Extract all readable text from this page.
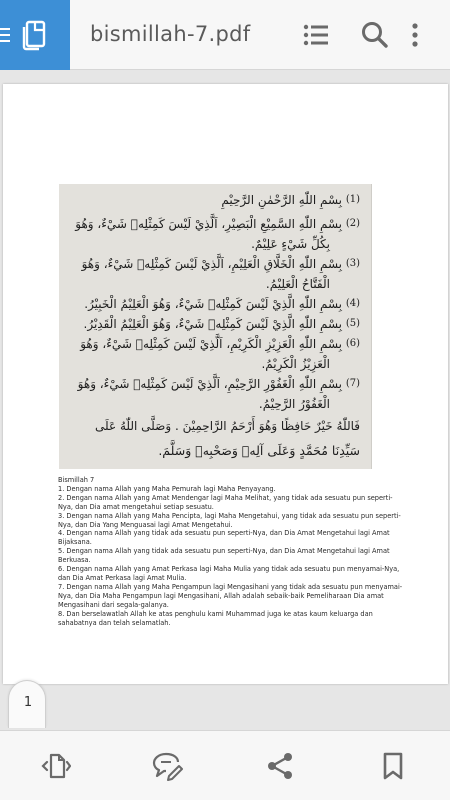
bismillah-7.pdf
(1)
بِسْمِ اللّٰهِ الرَّحْمٰنِ الرَّحِيْمِ
(2)
بِسْمِ اللّٰهِ السَّمِيْعِ الْبَصِيْرِ، اَلَّذِيْ لَيْسَ كَمِثْلِهٖ شَيْءٌ، وَهُوَ
بِكُلِّ شَيْءٍ عَلِيْمٌ.
(3)
بِسْمِ اللّٰهِ الْخَلَّاقِ الْعَلِيْمِ، اَلَّذِيْ لَيْسَ كَمِثْلِهٖ شَيْءٌ، وَهُوَ
الْفَتَّاحُ الْعَلِيْمُ.
(4)
بِسْمِ اللّٰهِ الَّذِيْ لَيْسَ كَمِثْلِهٖ شَيْءٌ، وَهُوَ الْعَلِيْمُ الْخَبِيْرُ.
(5)
بِسْمِ اللّٰهِ الَّذِيْ لَيْسَ كَمِثْلِهٖ شَيْءٌ، وَهُوَ الْعَلِيْمُ الْقَدِيْرُ.
(6)
بِسْمِ اللّٰهِ الْعَزِيْزِ الْكَرِيْمِ، اَلَّذِيْ لَيْسَ كَمِثْلِهٖ شَيْءٌ، وَهُوَ
الْعَزِيْزُ الْكَرِيْمُ.
(7)
بِسْمِ اللّٰهِ الْغَفُوْرِ الرَّحِيْمِ، اَلَّذِيْ لَيْسَ كَمِثْلِهٖ شَيْءٌ، وَهُوَ
الْغَفُوْرُ الرَّحِيْمُ.
فَاللّٰهُ خَيْرٌ حَافِظًا وَهُوَ أَرْحَمُ الرَّاحِمِيْنَ . وَصَلَّى اللّٰهُ عَلَى
سَيِّدِنَا مُحَمَّدٍ وَعَلَى آلِهٖ وَصَحْبِهٖ وَسَلَّمَ.

Bismillah 7

1. Dengan nama Allah yang Maha Pemurah lagi Maha Penyayang.

2. Dengan nama Allah yang Amat Mendengar lagi Maha Melihat, yang tidak ada sesuatu pun seperti-Nya, dan Dia amat mengetahui setiap sesuatu.

3. Dengan nama Allah yang Maha Pencipta, lagi Maha Mengetahui, yang tidak ada sesuatu pun seperti-Nya, dan Dia Yang Menguasai lagi Amat Mengetahui.

4. Dengan nama Allah yang tidak ada sesuatu pun seperti-Nya, dan Dia Amat Mengetahui lagi Amat Bijaksana.

5. Dengan nama Allah yang tidak ada sesuatu pun seperti-Nya, dan Dia Amat Mengetahui lagi Amat Berkuasa.

6. Dengan nama Allah yang Amat Perkasa lagi Maha Mulia yang tidak ada sesuatu pun menyamai-Nya, dan Dia Amat Perkasa lagi Amat Mulia.

7. Dengan nama Allah yang Maha Pengampun lagi Mengasihani yang tidak ada sesuatu pun menyamai-Nya, dan Dia Maha Pengampun lagi Mengasihani, Allah adalah sebaik-baik Pemeliharaan Dia amat Mengasihani dari segala-galanya.

8. Dan berselawatlah Allah ke atas penghulu kami Muhammad juga ke atas kaum keluarga dan sahabatnya dan telah selamatlah.

1
